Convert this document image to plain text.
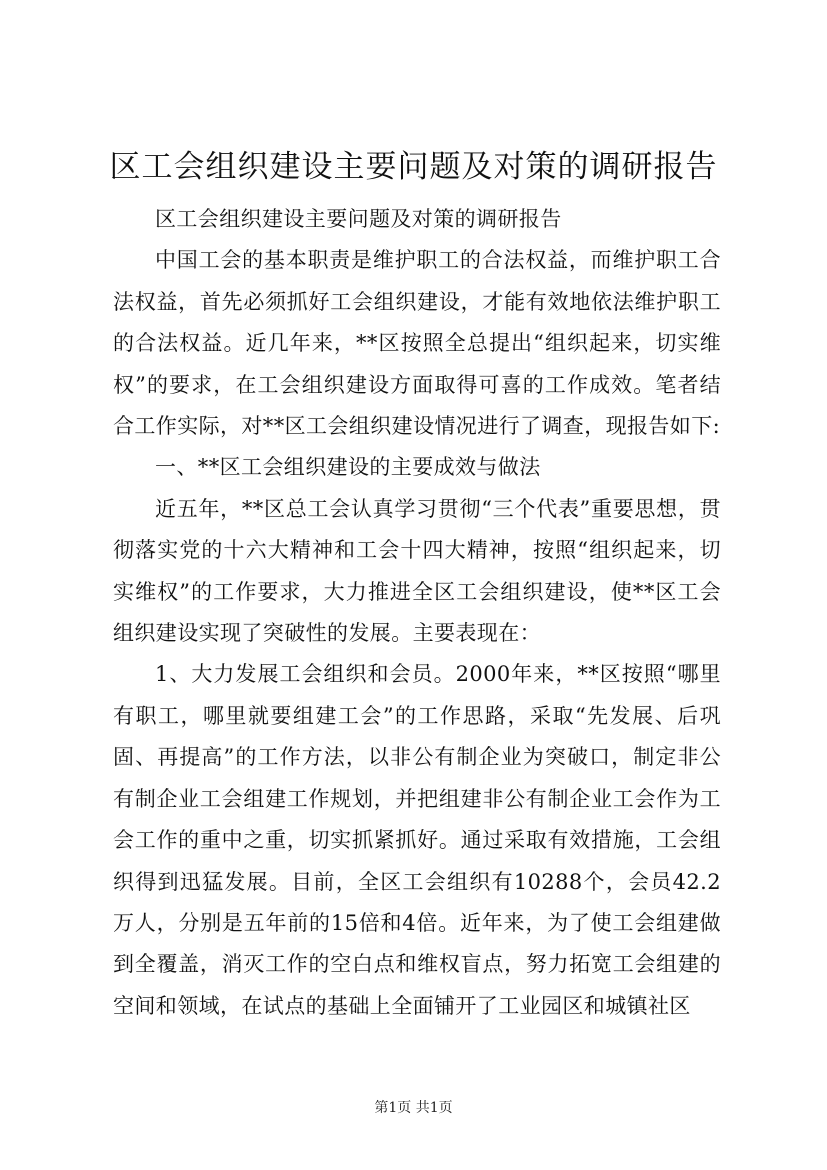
区工会组织建设主要问题及对策的调研报告

区工会组织建设主要问题及对策的调研报告

中国工会的基本职责是维护职工的合法权益，而维护职工合法权益，首先必须抓好工会组织建设，才能有效地依法维护职工的合法权益。近几年来，**区按照全总提出“组织起来，切实维权”的要求，在工会组织建设方面取得可喜的工作成效。笔者结合工作实际，对**区工会组织建设情况进行了调查，现报告如下:

一、**区工会组织建设的主要成效与做法

近五年，**区总工会认真学习贯彻“三个代表”重要思想，贯彻落实党的十六大精神和工会十四大精神，按照“组织起来，切实维权”的工作要求，大力推进全区工会组织建设，使**区工会组织建设实现了突破性的发展。主要表现在：

1、大力发展工会组织和会员。2000年来，**区按照“哪里有职工，哪里就要组建工会”的工作思路，采取“先发展、后巩固、再提高”的工作方法，以非公有制企业为突破口，制定非公有制企业工会组建工作规划，并把组建非公有制企业工会作为工会工作的重中之重，切实抓紧抓好。通过采取有效措施，工会组织得到迅猛发展。目前，全区工会组织有10288个，会员42.2万人，分别是五年前的15倍和4倍。近年来，为了使工会组建做到全覆盖，消灭工作的空白点和维权盲点，努力拓宽工会组建的空间和领域，在试点的基础上全面铺开了工业园区和城镇社区

第1页 共1页
